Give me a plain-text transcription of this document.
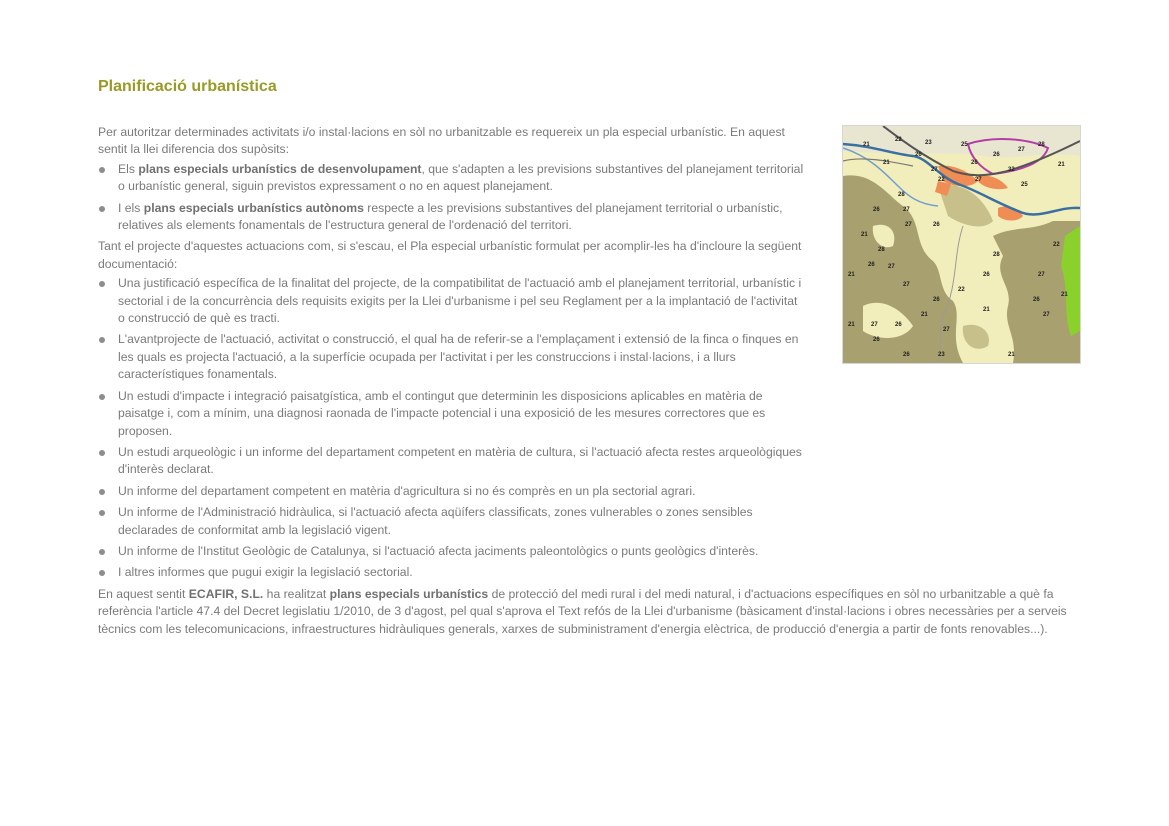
Planificació urbanística
21
22	23	25
26
27
28
32
21
26
27
22
26
27
21
25
28
27
26
26
27
21
28
26 27
21
27
26
22
26
27
21
26
27
27
28
21
26
27
21
26
21
23
26
21
22

Per autoritzar determinades activitats i/o instal·lacions en sòl no urbanitzable es requereix un pla especial urbanístic. En aquest sentit la llei diferencia dos supòsits:

Els plans especials urbanístics de desenvolupament, que s'adapten a les previsions substantives del planejament territorial o urbanístic general, siguin previstos expressament o no en aquest planejament.
I els plans especials urbanístics autònoms respecte a les previsions substantives del planejament territorial o urbanístic, relatives als elements fonamentals de l'estructura general de l'ordenació del territori.

Tant el projecte d'aquestes actuacions com, si s'escau, el Pla especial urbanístic formulat per acomplir-les ha d'incloure la següent documentació:

Una justificació específica de la finalitat del projecte, de la compatibilitat de l'actuació amb el planejament territorial, urbanístic i sectorial i de la concurrència dels requisits exigits per la Llei d'urbanisme i pel seu Reglament per a la implantació de l'activitat o construcció de què es tracti.
L'avantprojecte de l'actuació, activitat o construcció, el qual ha de referir-se a l'emplaçament i extensió de la finca o finques en les quals es projecta l'actuació, a la superfície ocupada per l'activitat i per les construccions i instal·lacions, i a llurs característiques fonamentals.
Un estudi d'impacte i integració paisatgística, amb el contingut que determinin les disposicions aplicables en matèria de paisatge i, com a mínim, una diagnosi raonada de l'impacte potencial i una exposició de les mesures correctores que es proposen.
Un estudi arqueològic i un informe del departament competent en matèria de cultura, si l'actuació afecta restes arqueològiques d'interès declarat.
Un informe del departament competent en matèria d'agricultura si no és comprès en un pla sectorial agrari.
Un informe de l'Administració hidràulica, si l'actuació afecta aqüífers classificats, zones vulnerables o zones sensibles declarades de conformitat amb la legislació vigent.
Un informe de l'Institut Geològic de Catalunya, si l'actuació afecta jaciments paleontològics o punts geològics d'interès.
I altres informes que pugui exigir la legislació sectorial.

En aquest sentit ECAFIR, S.L. ha realitzat plans especials urbanístics de protecció del medi rural i del medi natural, i d'actuacions específiques en sòl no urbanitzable a què fa referència l'article 47.4 del Decret legislatiu 1/2010, de 3 d'agost, pel qual s'aprova el Text refós de la Llei d'urbanisme (bàsicament d'instal·lacions i obres necessàries per a serveis tècnics com les telecomunicacions, infraestructures hidràuliques generals, xarxes de subministrament d'energia elèctrica, de producció d'energia a partir de fonts renovables...).
